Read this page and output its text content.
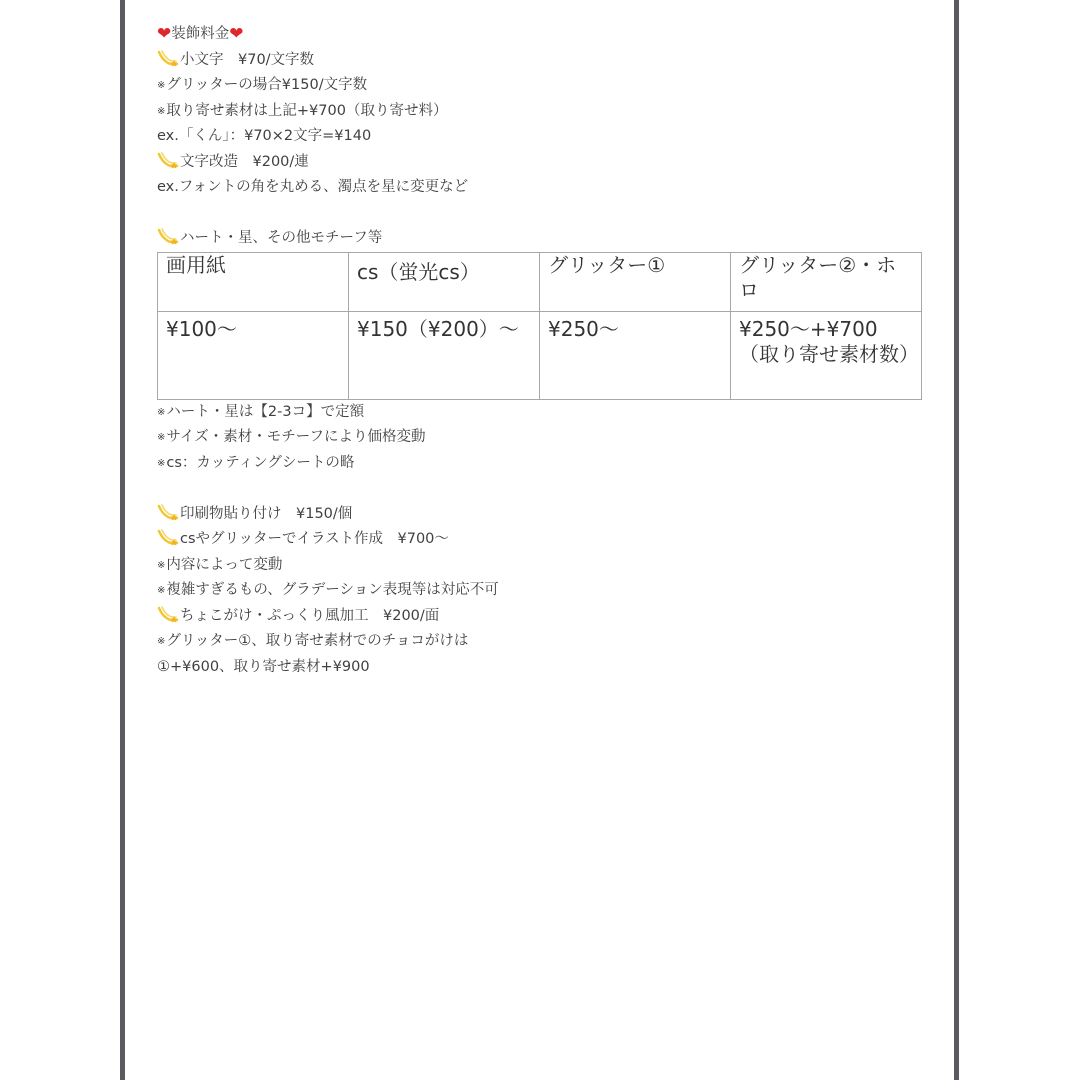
❤装飾料金❤
小文字　¥70/文字数
※グリッターの場合¥150/文字数
※取り寄せ素材は上記+¥700（取り寄せ料）
ex.「くん」：¥70×2文字=¥140
文字改造　¥200/連
ex.フォントの角を丸める、濁点を星に変更など
ハート・星、その他モチーフ等
画用紙	cs（蛍光cs）	グリッター①	グリッター②・ホロ
¥100〜	¥150（¥200）〜	¥250〜	¥250〜+¥700（取り寄せ素材数）
※ハート・星は【2-3コ】で定額
※サイズ・素材・モチーフにより価格変動
※cs：カッティングシートの略
印刷物貼り付け　¥150/個
csやグリッターでイラスト作成　¥700〜
※内容によって変動
※複雑すぎるもの、グラデーション表現等は対応不可
ちょこがけ・ぷっくり風加工　¥200/面
※グリッター①、取り寄せ素材でのチョコがけは
①+¥600、取り寄せ素材+¥900
